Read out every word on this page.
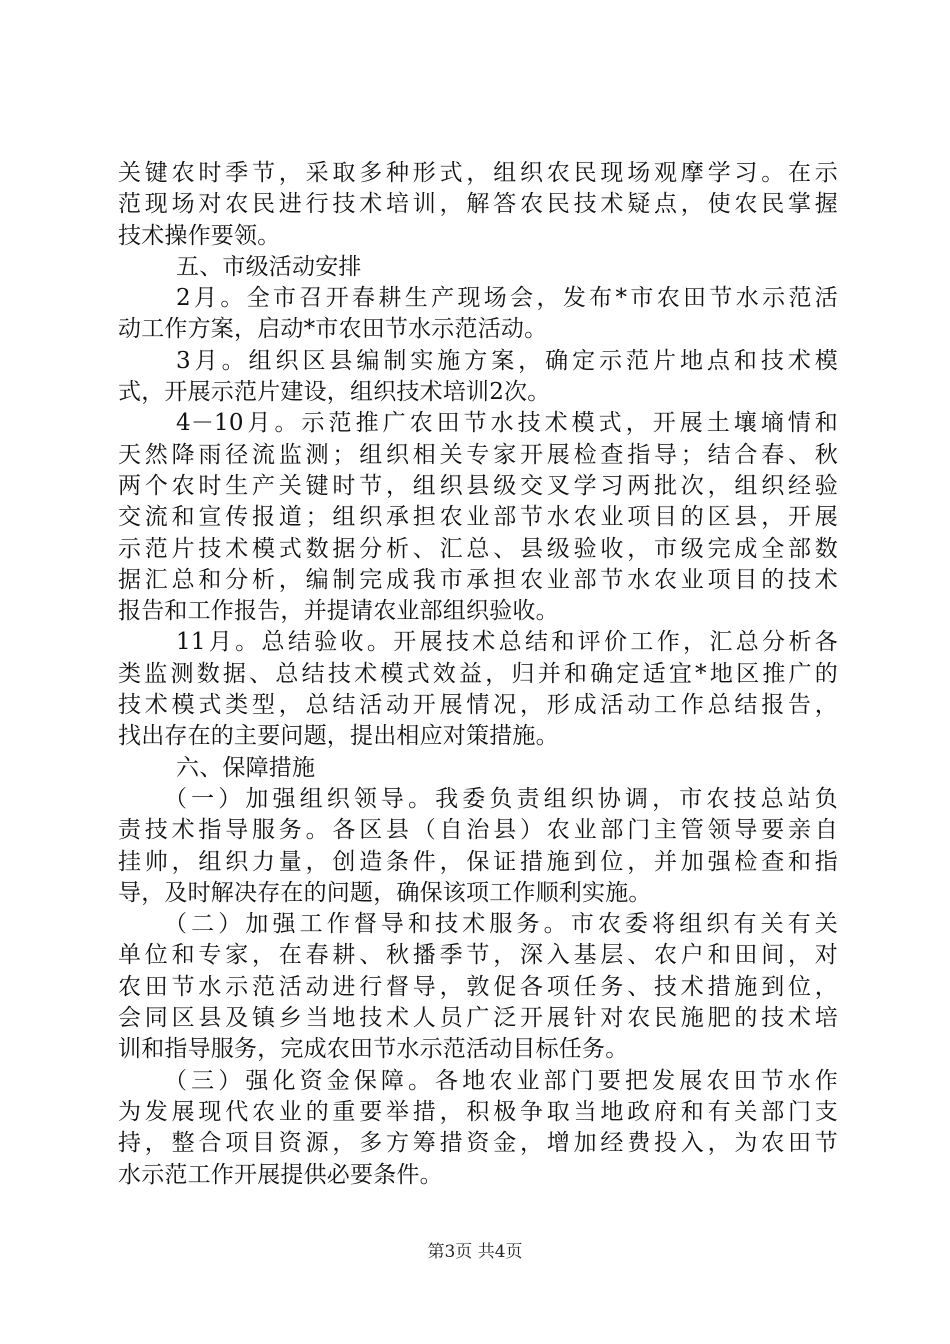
关键农时季节，采取多种形式，组织农民现场观摩学习。在示
范现场对农民进行技术培训，解答农民技术疑点，使农民掌握
技术操作要领。
五、市级活动安排
2月。全市召开春耕生产现场会，发布*市农田节水示范活
动工作方案，启动*市农田节水示范活动。
3月。组织区县编制实施方案，确定示范片地点和技术模
式，开展示范片建设，组织技术培训2次。
4－10月。示范推广农田节水技术模式，开展土壤墒情和
天然降雨径流监测；组织相关专家开展检查指导；结合春、秋
两个农时生产关键时节，组织县级交叉学习两批次，组织经验
交流和宣传报道；组织承担农业部节水农业项目的区县，开展
示范片技术模式数据分析、汇总、县级验收，市级完成全部数
据汇总和分析，编制完成我市承担农业部节水农业项目的技术
报告和工作报告，并提请农业部组织验收。
11月。总结验收。开展技术总结和评价工作，汇总分析各
类监测数据、总结技术模式效益，归并和确定适宜*地区推广的
技术模式类型，总结活动开展情况，形成活动工作总结报告，
找出存在的主要问题，提出相应对策措施。
六、保障措施
（一）加强组织领导。我委负责组织协调，市农技总站负
责技术指导服务。各区县（自治县）农业部门主管领导要亲自
挂帅，组织力量，创造条件，保证措施到位，并加强检查和指
导，及时解决存在的问题，确保该项工作顺利实施。
（二）加强工作督导和技术服务。市农委将组织有关有关
单位和专家，在春耕、秋播季节，深入基层、农户和田间，对
农田节水示范活动进行督导，敦促各项任务、技术措施到位，
会同区县及镇乡当地技术人员广泛开展针对农民施肥的技术培
训和指导服务，完成农田节水示范活动目标任务。
（三）强化资金保障。各地农业部门要把发展农田节水作
为发展现代农业的重要举措，积极争取当地政府和有关部门支
持，整合项目资源，多方筹措资金，增加经费投入，为农田节
水示范工作开展提供必要条件。
第3页 共4页
